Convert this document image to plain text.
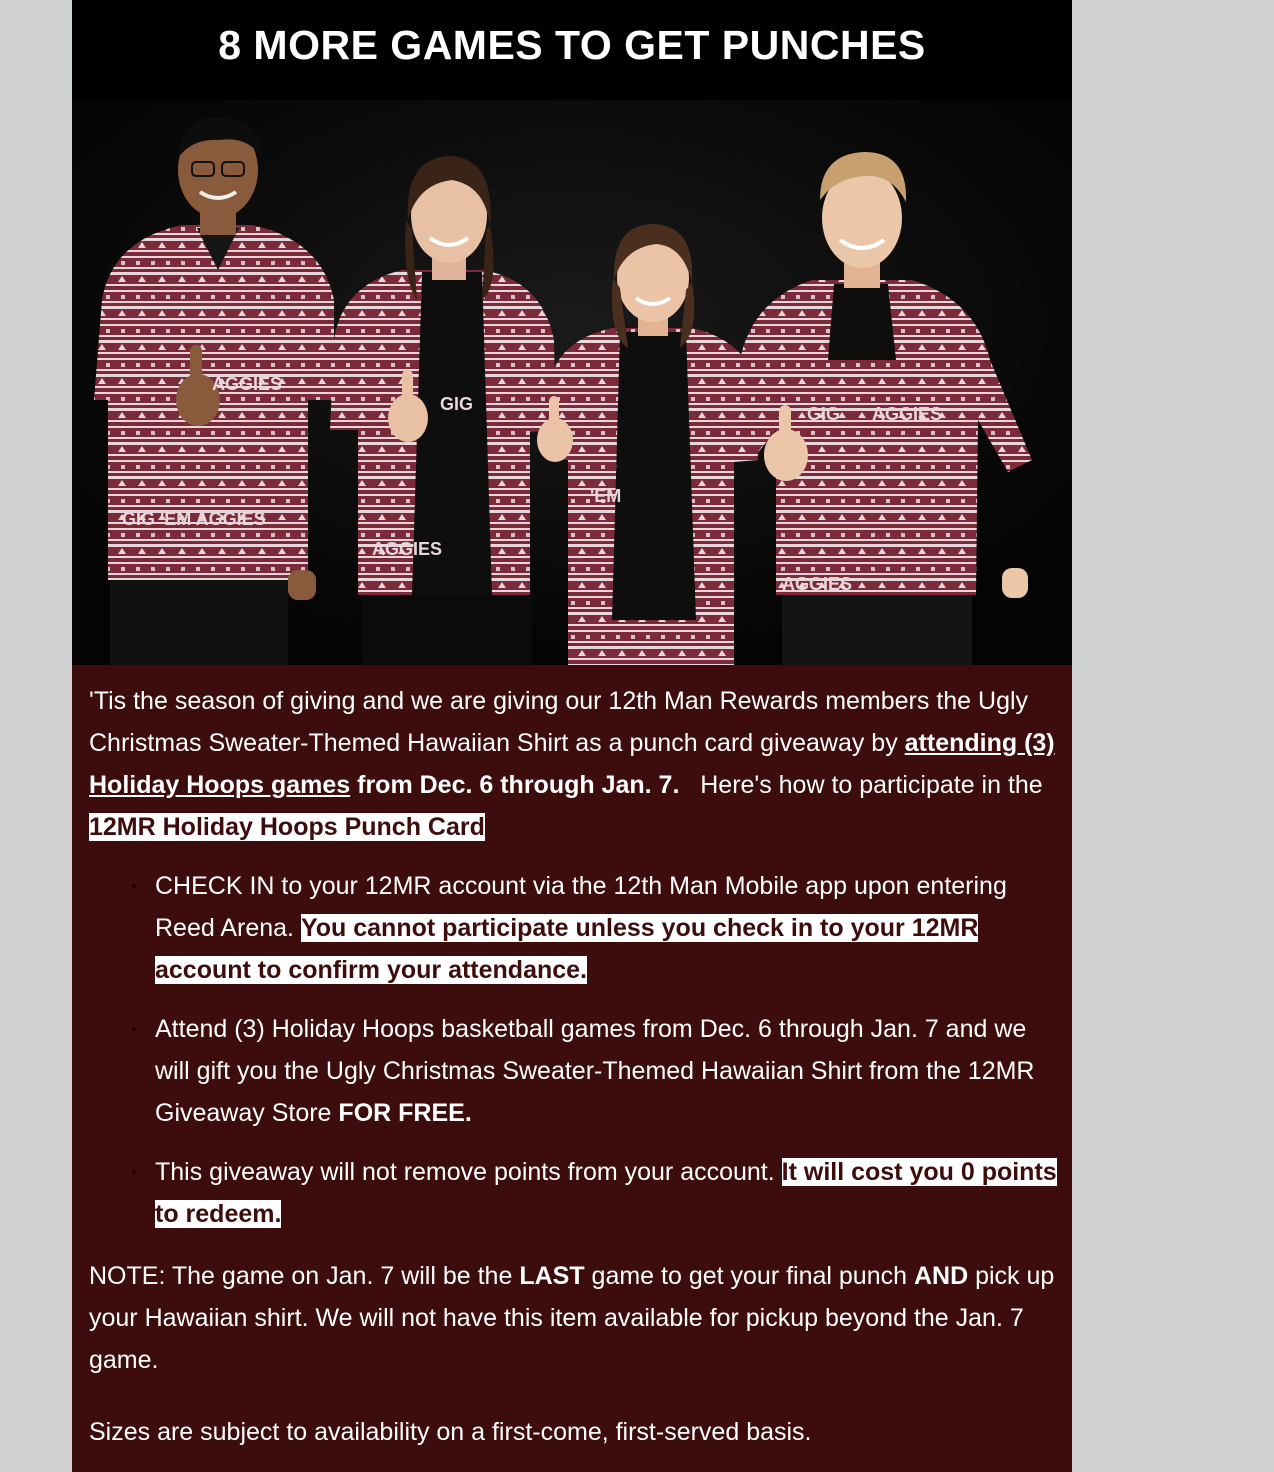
8 MORE GAMES TO GET PUNCHES
AGGIES
GIG 'EM AGGIES
GIG
AGGIES
'EM
GIG AGGIES
AGGIES

'Tis the season of giving and we are giving our 12th Man Rewards members the Ugly Christmas Sweater-Themed Hawaiian Shirt as a punch card giveaway by attending (3) Holiday Hoops games from Dec. 6 through Jan. 7.   Here's how to participate in the 12MR Holiday Hoops Punch Card

CHECK IN to your 12MR account via the 12th Man Mobile app upon entering Reed Arena. You cannot participate unless you check in to your 12MR account to confirm your attendance.
Attend (3) Holiday Hoops basketball games from Dec. 6 through Jan. 7 and we will gift you the Ugly Christmas Sweater-Themed Hawaiian Shirt from the 12MR Giveaway Store FOR FREE.
This giveaway will not remove points from your account. It will cost you 0 points to redeem.

NOTE: The game on Jan. 7 will be the LAST game to get your final punch AND pick up your Hawaiian shirt. We will not have this item available for pickup beyond the Jan. 7 game.

Sizes are subject to availability on a first-come, first-served basis.
